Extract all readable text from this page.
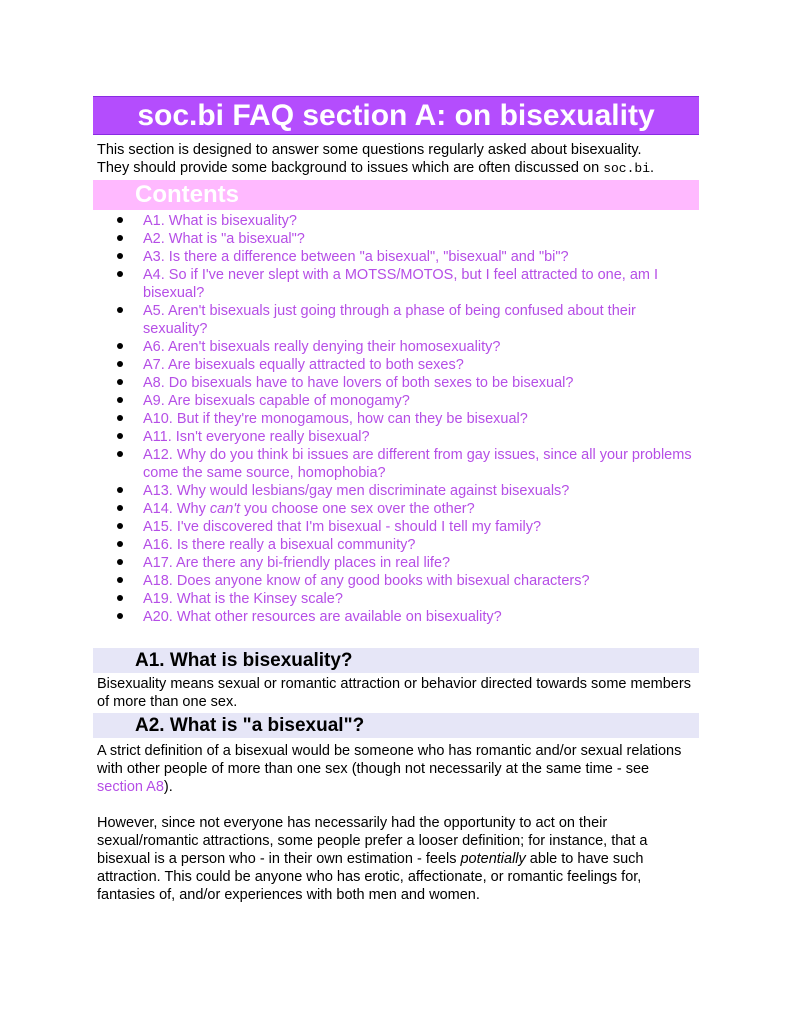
soc.bi FAQ section A: on bisexuality

This section is designed to answer some questions regularly asked about bisexuality.
They should provide some background to issues which are often discussed on soc.bi.

Contents
A1. What is bisexuality?
A2. What is "a bisexual"?
A3. Is there a difference between "a bisexual", "bisexual" and "bi"?
A4. So if I've never slept with a MOTSS/MOTOS, but I feel attracted to one, am I bisexual?
A5. Aren't bisexuals just going through a phase of being confused about their sexuality?
A6. Aren't bisexuals really denying their homosexuality?
A7. Are bisexuals equally attracted to both sexes?
A8. Do bisexuals have to have lovers of both sexes to be bisexual?
A9. Are bisexuals capable of monogamy?
A10. But if they're monogamous, how can they be bisexual?
A11. Isn't everyone really bisexual?
A12. Why do you think bi issues are different from gay issues, since all your problems come the same source, homophobia?
A13. Why would lesbians/gay men discriminate against bisexuals?
A14. Why can't you choose one sex over the other?
A15. I've discovered that I'm bisexual - should I tell my family?
A16. Is there really a bisexual community?
A17. Are there any bi-friendly places in real life?
A18. Does anyone know of any good books with bisexual characters?
A19. What is the Kinsey scale?
A20. What other resources are available on bisexuality?
A1. What is bisexuality?

Bisexuality means sexual or romantic attraction or behavior directed towards some members of more than one sex.

A2. What is "a bisexual"?

A strict definition of a bisexual would be someone who has romantic and/or sexual relations with other people of more than one sex (though not necessarily at the same time - see section A8).

However, since not everyone has necessarily had the opportunity to act on their sexual/romantic attractions, some people prefer a looser definition; for instance, that a bisexual is a person who - in their own estimation - feels potentially able to have such attraction. This could be anyone who has erotic, affectionate, or romantic feelings for, fantasies of, and/or experiences with both men and women.
